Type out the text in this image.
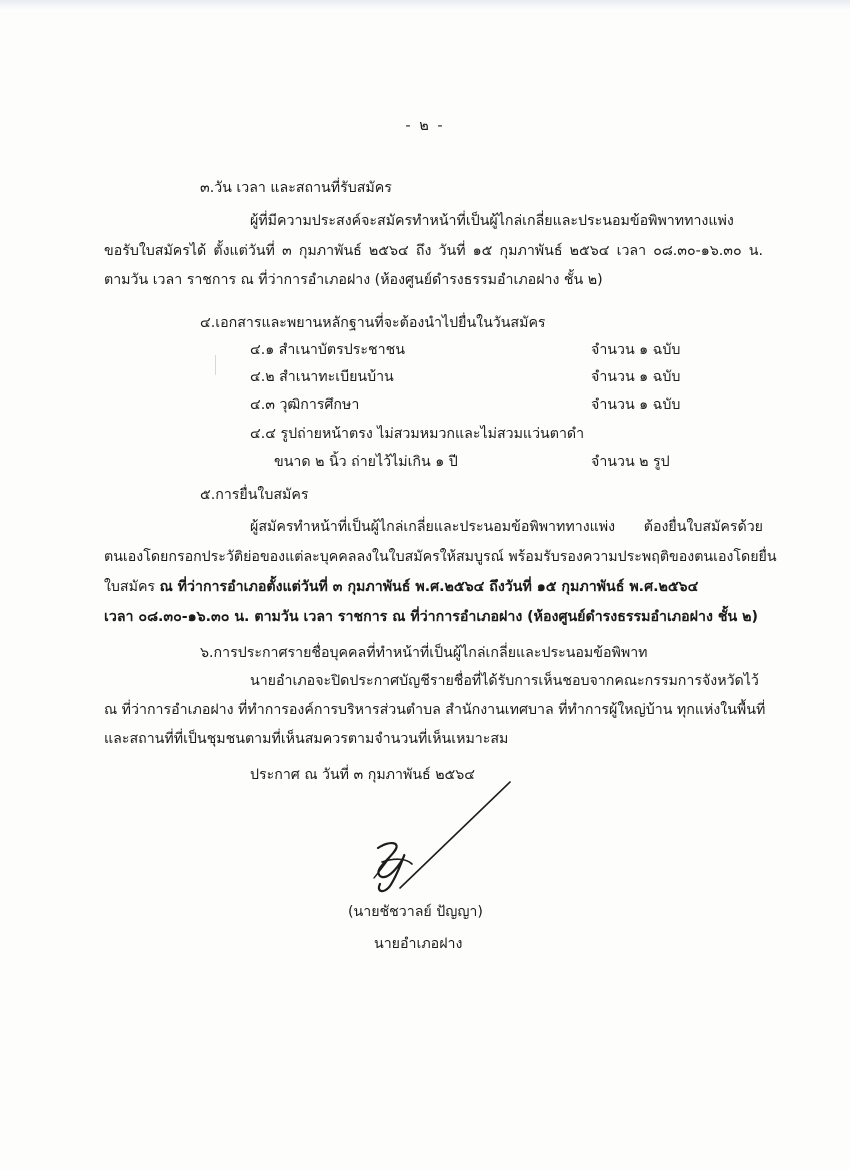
- ๒ -
๓.วัน เวลา และสถานที่รับสมัคร
ผู้ที่มีความประสงค์จะสมัครทำหน้าที่เป็นผู้ไกล่เกลี่ยและประนอมข้อพิพาททางแพ่ง
ขอรับใบสมัครได้ ตั้งแต่วันที่ ๓ กุมภาพันธ์ ๒๕๖๔ ถึง วันที่ ๑๕ กุมภาพันธ์ ๒๕๖๔ เวลา ๐๘.๓๐-๑๖.๓๐ น.
ตามวัน เวลา ราชการ ณ ที่ว่าการอำเภอฝาง (ห้องศูนย์ดำรงธรรมอำเภอฝาง ชั้น ๒)
๔.เอกสารและพยานหลักฐานที่จะต้องนำไปยื่นในวันสมัคร
๔.๑ สำเนาบัตรประชาชน	จำนวน ๑ ฉบับ
๔.๒ สำเนาทะเบียนบ้าน	จำนวน ๑ ฉบับ
๔.๓ วุฒิการศึกษา	จำนวน ๑ ฉบับ
๔.๔ รูปถ่ายหน้าตรง ไม่สวมหมวกและไม่สวมแว่นตาดำ
ขนาด ๒ นิ้ว ถ่ายไว้ไม่เกิน ๑ ปี	จำนวน ๒ รูป
๕.การยื่นใบสมัคร
ผู้สมัครทำหน้าที่เป็นผู้ไกล่เกลี่ยและประนอมข้อพิพาททางแพ่ง ต้องยื่นใบสมัครด้วย
ตนเองโดยกรอกประวัติย่อของแต่ละบุคคลลงในใบสมัครให้สมบูรณ์ พร้อมรับรองความประพฤติของตนเองโดยยื่น
ใบสมัคร ณ ที่ว่าการอำเภอตั้งแต่วันที่ ๓ กุมภาพันธ์ พ.ศ.๒๕๖๔ ถึงวันที่ ๑๕ กุมภาพันธ์ พ.ศ.๒๕๖๔
เวลา ๐๘.๓๐-๑๖.๓๐ น. ตามวัน เวลา ราชการ ณ ที่ว่าการอำเภอฝาง (ห้องศูนย์ดำรงธรรมอำเภอฝาง ชั้น ๒)
๖.การประกาศรายชื่อบุคคลที่ทำหน้าที่เป็นผู้ไกล่เกลี่ยและประนอมข้อพิพาท
นายอำเภอจะปิดประกาศบัญชีรายชื่อที่ได้รับการเห็นชอบจากคณะกรรมการจังหวัดไว้
ณ ที่ว่าการอำเภอฝาง ที่ทำการองค์การบริหารส่วนตำบล สำนักงานเทศบาล ที่ทำการผู้ใหญ่บ้าน ทุกแห่งในพื้นที่
และสถานที่ที่เป็นชุมชนตามที่เห็นสมควรตามจำนวนที่เห็นเหมาะสม
ประกาศ ณ วันที่ ๓ กุมภาพันธ์ ๒๕๖๔
(นายชัชวาลย์ ปัญญา)
นายอำเภอฝาง
